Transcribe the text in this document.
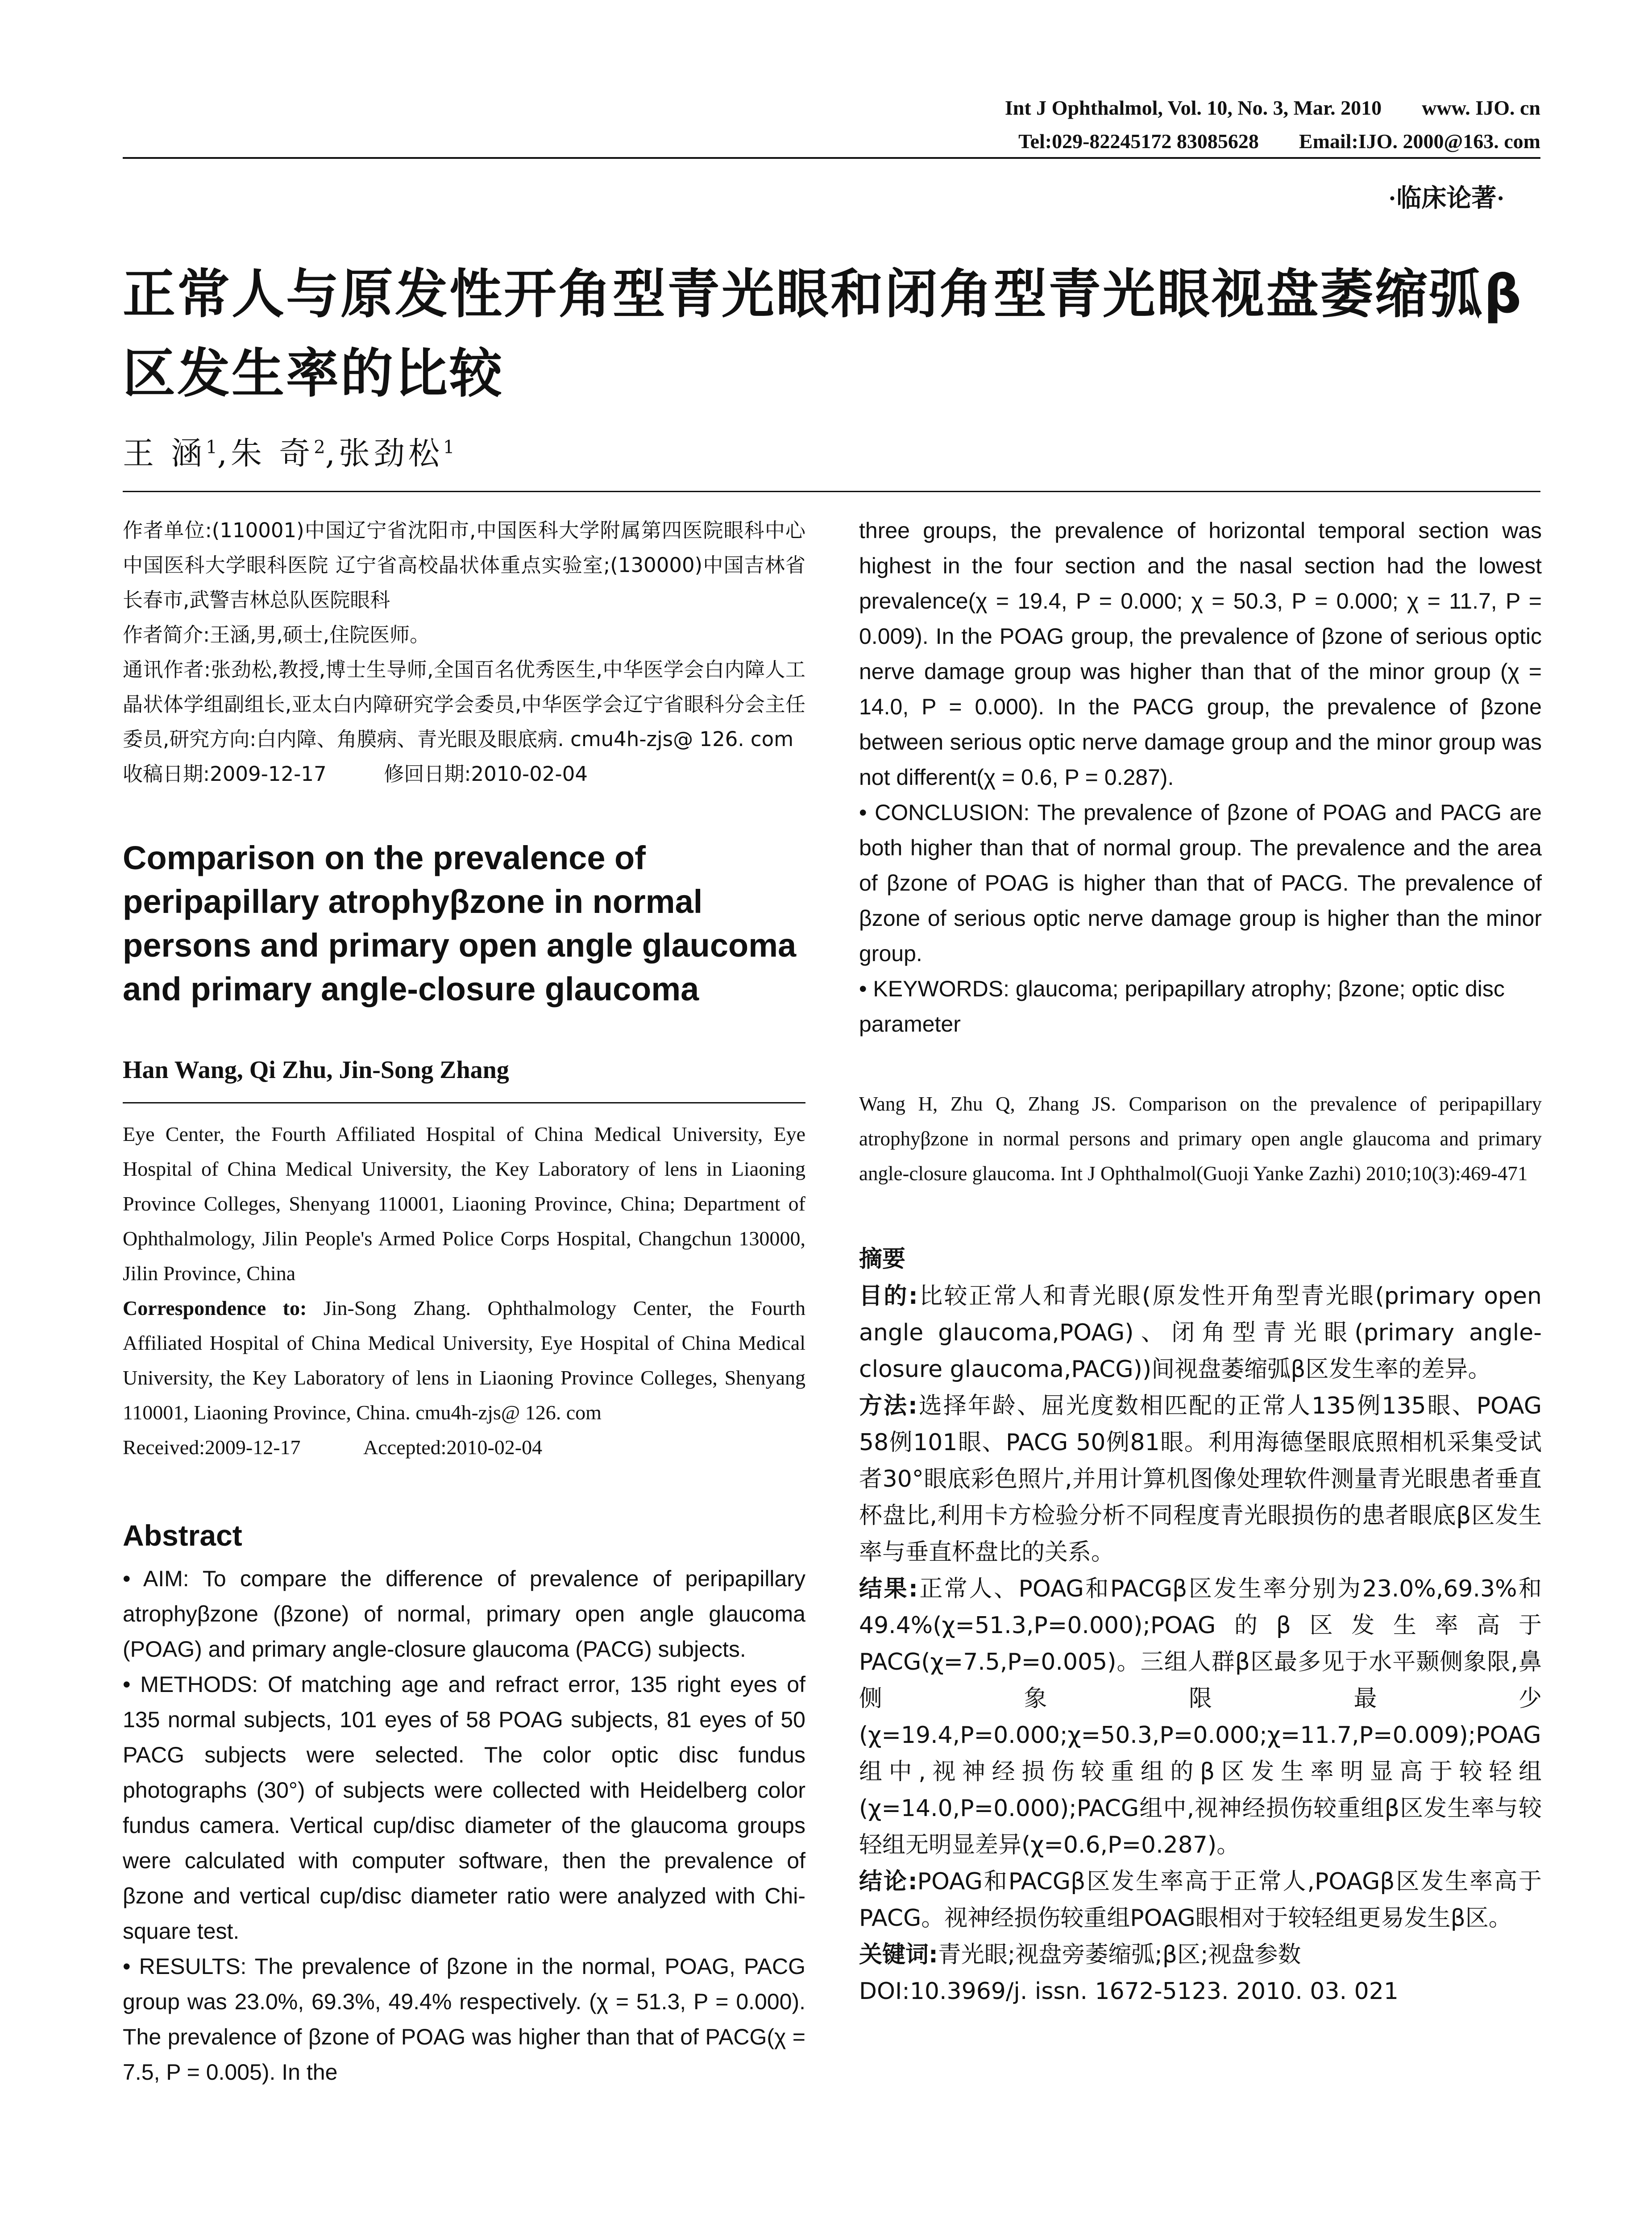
Int J Ophthalmol, Vol. 10, No. 3, Mar. 2010 www. IJO. cn
Tel:029-82245172 83085628 Email:IJO. 2000@163. com
·临床论著·
正常人与原发性开角型青光眼和闭角型青光眼视盘萎缩弧β区发生率的比较
王 涵$^1$,朱 奇$^2$,张劲松$^1$
作者单位:(110001)中国辽宁省沈阳市,中国医科大学附属第四医院眼科中心 中国医科大学眼科医院 辽宁省高校晶状体重点实验室;(130000)中国吉林省长春市,武警吉林总队医院眼科
作者简介:王涵,男,硕士,住院医师。
通讯作者:张劲松,教授,博士生导师,全国百名优秀医生,中华医学会白内障人工晶状体学组副组长,亚太白内障研究学会委员,中华医学会辽宁省眼科分会主任委员,研究方向:白内障、角膜病、青光眼及眼底病. cmu4h-zjs@ 126. com
收稿日期:2009-12-17	修回日期:2010-02-04
Comparison on the prevalence of peripapillary atrophyβzone in normal persons and primary open angle glaucoma and primary angle-closure glaucoma
Han Wang, Qi Zhu, Jin-Song Zhang
Eye Center, the Fourth Affiliated Hospital of China Medical University, Eye Hospital of China Medical University, the Key Laboratory of lens in Liaoning Province Colleges, Shenyang 110001, Liaoning Province, China; Department of Ophthalmology, Jilin People's Armed Police Corps Hospital, Changchun 130000, Jilin Province, China
Correspondence to: Jin-Song Zhang. Ophthalmology Center, the Fourth Affiliated Hospital of China Medical University, Eye Hospital of China Medical University, the Key Laboratory of lens in Liaoning Province Colleges, Shenyang 110001, Liaoning Province, China. cmu4h-zjs@ 126. com
Received:2009-12-17	Accepted:2010-02-04
Abstract
• AIM: To compare the difference of prevalence of peripapillary atrophyβzone (βzone) of normal, primary open angle glaucoma (POAG) and primary angle-closure glaucoma (PACG) subjects.
• METHODS: Of matching age and refract error, 135 right eyes of 135 normal subjects, 101 eyes of 58 POAG subjects, 81 eyes of 50 PACG subjects were selected. The color optic disc fundus photographs (30°) of subjects were collected with Heidelberg color fundus camera. Vertical cup/disc diameter of the glaucoma groups were calculated with computer software, then the prevalence of βzone and vertical cup/disc diameter ratio were analyzed with Chi-square test.
• RESULTS: The prevalence of βzone in the normal, POAG, PACG group was 23.0%, 69.3%, 49.4% respectively. (χ = 51.3, P = 0.000). The prevalence of βzone of POAG was higher than that of PACG(χ = 7.5, P = 0.005). In the
three groups, the prevalence of horizontal temporal section was highest in the four section and the nasal section had the lowest prevalence(χ = 19.4, P = 0.000; χ = 50.3, P = 0.000; χ = 11.7, P = 0.009). In the POAG group, the prevalence of βzone of serious optic nerve damage group was higher than that of the minor group (χ = 14.0, P = 0.000). In the PACG group, the prevalence of βzone between serious optic nerve damage group and the minor group was not different(χ = 0.6, P = 0.287).
• CONCLUSION: The prevalence of βzone of POAG and PACG are both higher than that of normal group. The prevalence and the area of βzone of POAG is higher than that of PACG. The prevalence of βzone of serious optic nerve damage group is higher than the minor group.
• KEYWORDS: glaucoma; peripapillary atrophy; βzone; optic disc parameter
Wang H, Zhu Q, Zhang JS. Comparison on the prevalence of peripapillary atrophyβzone in normal persons and primary open angle glaucoma and primary angle-closure glaucoma. Int J Ophthalmol(Guoji Yanke Zazhi) 2010;10(3):469-471
摘要
目的:比较正常人和青光眼(原发性开角型青光眼(primary open angle glaucoma,POAG)、闭角型青光眼(primary angle-closure glaucoma,PACG))间视盘萎缩弧β区发生率的差异。
方法:选择年龄、屈光度数相匹配的正常人135例135眼、POAG 58例101眼、PACG 50例81眼。利用海德堡眼底照相机采集受试者30°眼底彩色照片,并用计算机图像处理软件测量青光眼患者垂直杯盘比,利用卡方检验分析不同程度青光眼损伤的患者眼底β区发生率与垂直杯盘比的关系。
结果:正常人、POAG和PACGβ区发生率分别为23.0%,69.3%和49.4%(χ=51.3,P=0.000);POAG的β区发生率高于PACG(χ=7.5,P=0.005)。三组人群β区最多见于水平颞侧象限,鼻侧象限最少(χ=19.4,P=0.000;χ=50.3,P=0.000;χ=11.7,P=0.009);POAG组中,视神经损伤较重组的β区发生率明显高于较轻组(χ=14.0,P=0.000);PACG组中,视神经损伤较重组β区发生率与较轻组无明显差异(χ=0.6,P=0.287)。
结论:POAG和PACGβ区发生率高于正常人,POAGβ区发生率高于PACG。视神经损伤较重组POAG眼相对于较轻组更易发生β区。
关键词:青光眼;视盘旁萎缩弧;β区;视盘参数
DOI:10.3969/j. issn. 1672-5123. 2010. 03. 021
